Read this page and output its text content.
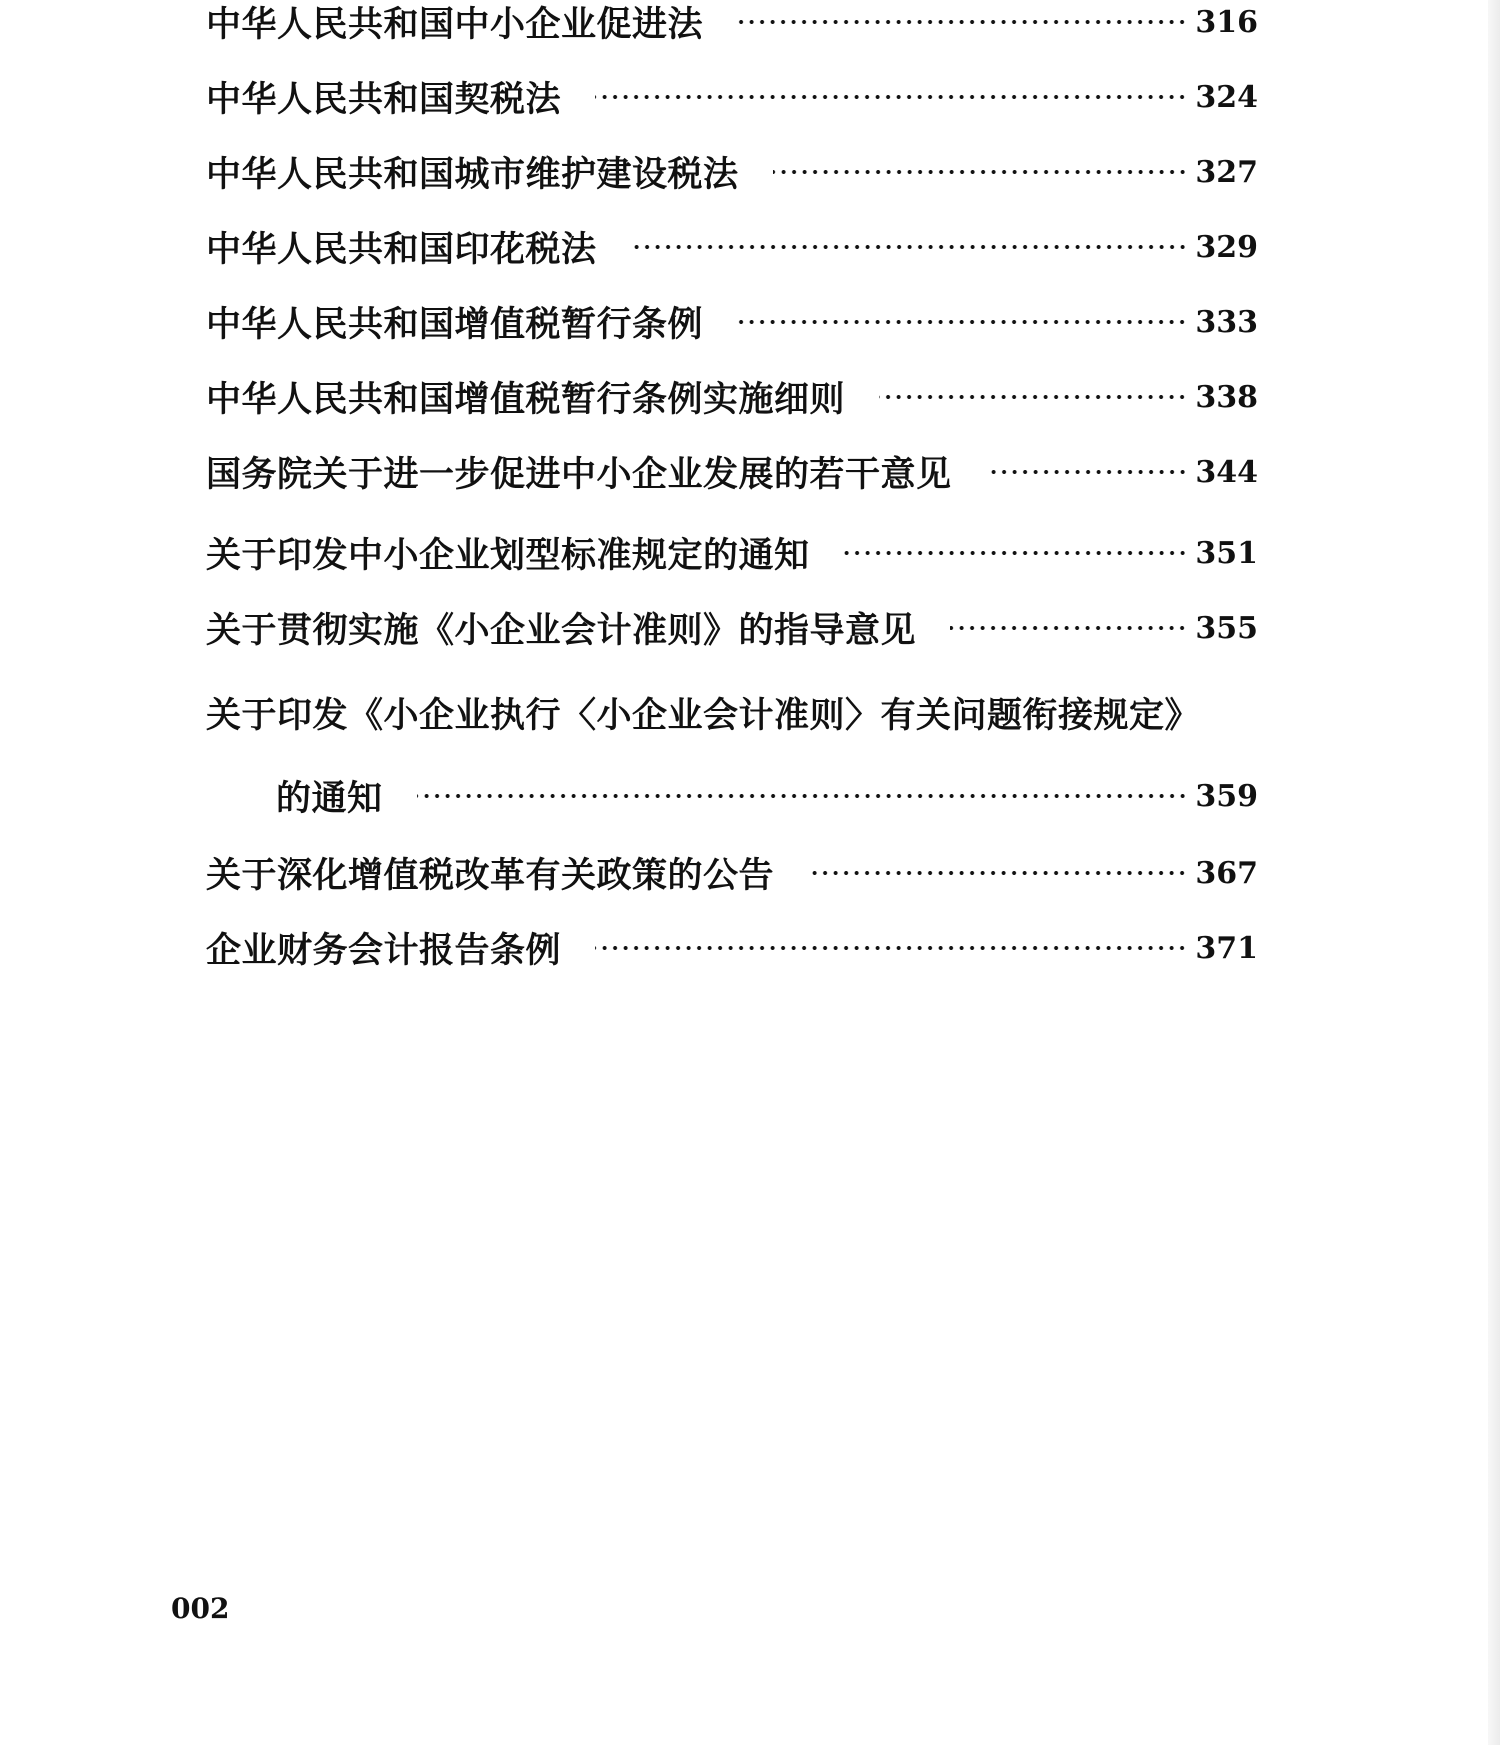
中华人民共和国中小企业促进法	316
中华人民共和国契税法	324
中华人民共和国城市维护建设税法	327
中华人民共和国印花税法	329
中华人民共和国增值税暂行条例	333
中华人民共和国增值税暂行条例实施细则	338
国务院关于进一步促进中小企业发展的若干意见	344
关于印发中小企业划型标准规定的通知	351
关于贯彻实施《小企业会计准则》的指导意见	355
关于印发《小企业执行〈小企业会计准则〉有关问题衔接规定》
的通知	359
关于深化增值税改革有关政策的公告	367
企业财务会计报告条例	371
002
